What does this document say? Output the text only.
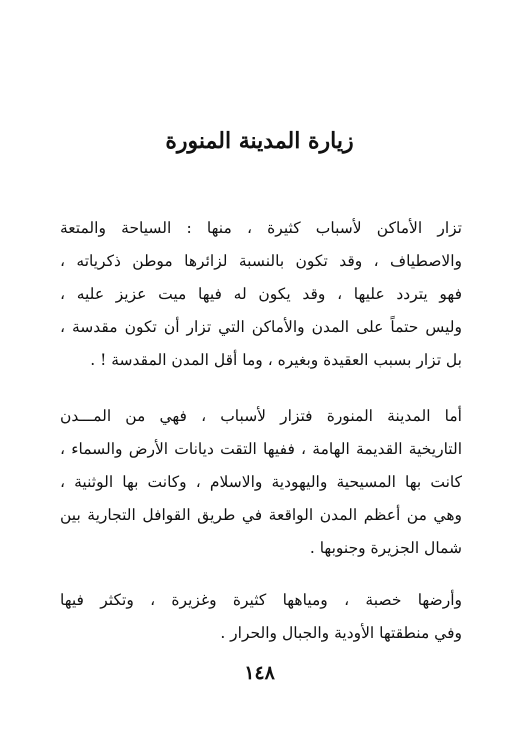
زيارة المدينة المنورة
تزار الأماكن لأسباب كثيرة ، منها : السياحة والمتعة
والاصطياف ، وقد تكون بالنسبة لزائرها موطن ذكرياته ،
فهو يتردد عليها ، وقد يكون له فيها ميت عزيز عليه ،
وليس حتماً على المدن والأماكن التي تزار أن تكون مقدسة ،
بل تزار بسبب العقيدة وبغيره ، وما أقل المدن المقدسة ! .
أما المدينة المنورة فتزار لأسباب ، فهي من المـــدن
التاريخية القديمة الهامة ، ففيها التقت ديانات الأرض والسماء ،
كانت بها المسيحية واليهودية والاسلام ، وكانت بها الوثنية ،
وهي من أعظم المدن الواقعة في طريق القوافل التجارية بين
شمال الجزيرة وجنوبها .
وأرضها خصبة ، ومياهها كثيرة وغزيرة ، وتكثر فيها
وفي منطقتها الأودية والجبال والحرار .
١٤٨
